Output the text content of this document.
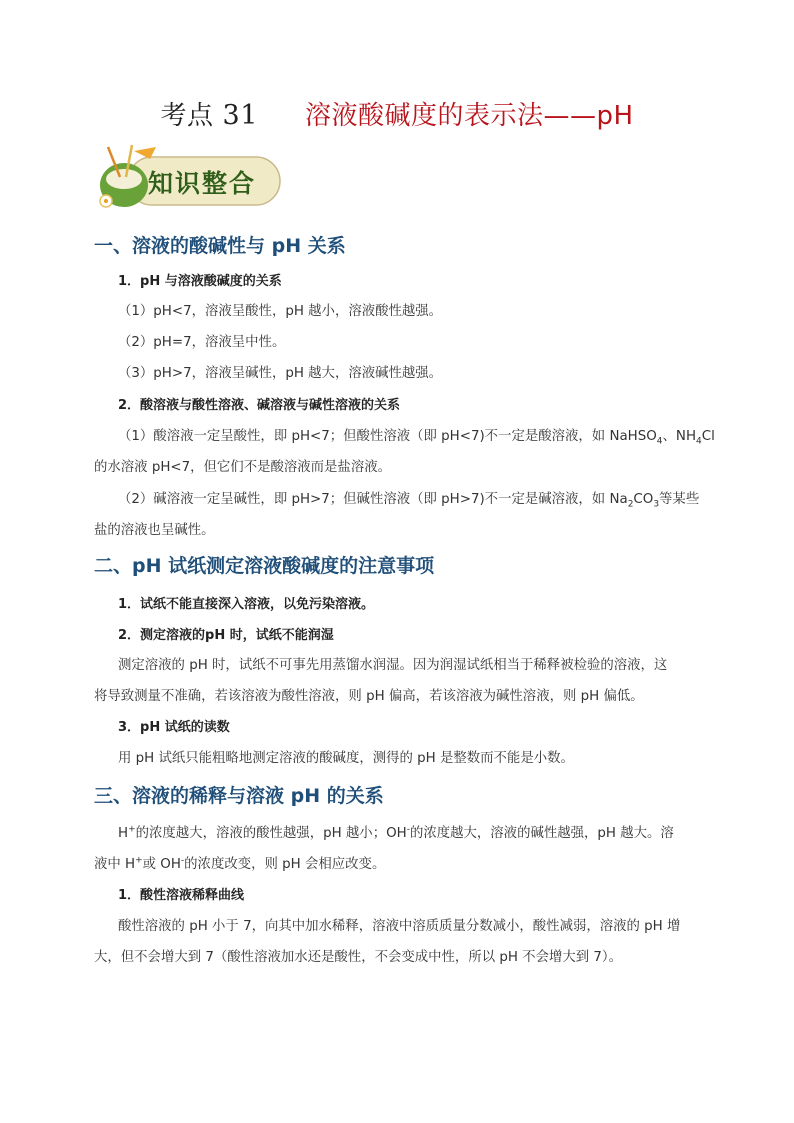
考点 31 溶液酸碱度的表示法——pH
知识整合
一、溶液的酸碱性与 pH 关系
1．pH 与溶液酸碱度的关系
（1）pH<7，溶液呈酸性，pH 越小，溶液酸性越强。
（2）pH=7，溶液呈中性。
（3）pH>7，溶液呈碱性，pH 越大，溶液碱性越强。
2．酸溶液与酸性溶液、碱溶液与碱性溶液的关系
（1）酸溶液一定呈酸性，即 pH<7；但酸性溶液（即 pH<7)不一定是酸溶液，如 NaHSO$_4$、$NH_4Cl$
的水溶液 pH<7，但它们不是酸溶液而是盐溶液。
（2）碱溶液一定呈碱性，即 pH>7；但碱性溶液（即 pH>7)不一定是碱溶液，如 $Na_2CO_3$等某些
盐的溶液也呈碱性。
二、pH 试纸测定溶液酸碱度的注意事项
1．试纸不能直接深入溶液，以免污染溶液。
2．测定溶液的pH 时，试纸不能润湿
测定溶液的 pH 时，试纸不可事先用蒸馏水润湿。因为润湿试纸相当于稀释被检验的溶液，这
将导致测量不准确，若该溶液为酸性溶液，则 pH 偏高，若该溶液为碱性溶液，则 pH 偏低。
3．pH 试纸的读数
用 pH 试纸只能粗略地测定溶液的酸碱度，测得的 pH 是整数而不能是小数。
三、溶液的稀释与溶液 pH 的关系
H+的浓度越大，溶液的酸性越强，pH 越小；OH-的浓度越大，溶液的碱性越强，pH 越大。溶
液中 H+或 OH-的浓度改变，则 pH 会相应改变。
1．酸性溶液稀释曲线
酸性溶液的 pH 小于 7，向其中加水稀释，溶液中溶质质量分数减小，酸性减弱，溶液的 pH 增
大，但不会增大到 7（酸性溶液加水还是酸性，不会变成中性，所以 pH 不会增大到 7）。
